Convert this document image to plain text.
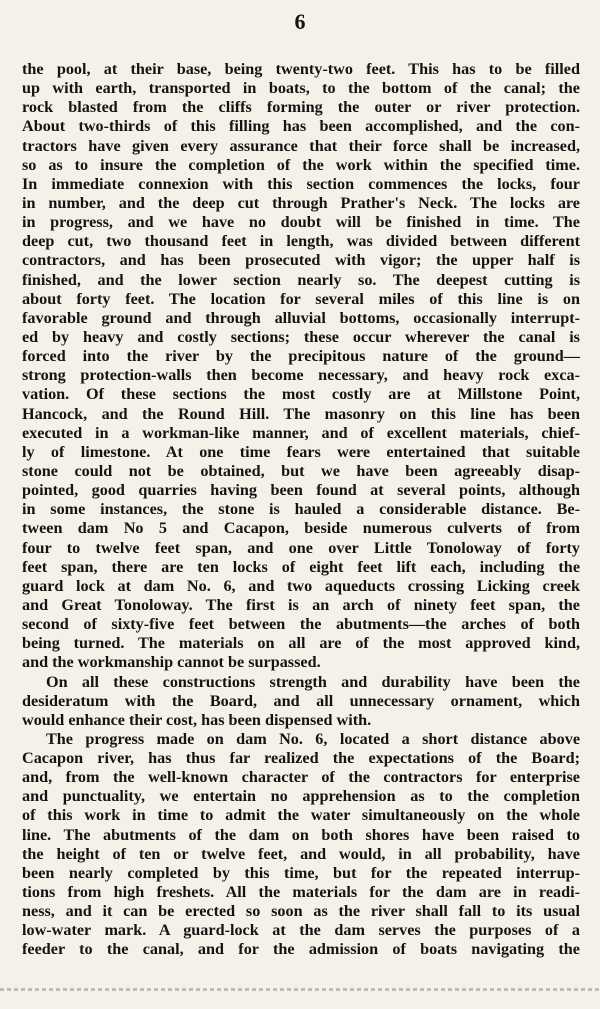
6
the pool, at their base, being twenty-two feet. This has to be filled
up with earth, transported in boats, to the bottom of the canal; the
rock blasted from the cliffs forming the outer or river protection.
About two-thirds of this filling has been accomplished, and the con-
tractors have given every assurance that their force shall be increased,
so as to insure the completion of the work within the specified time.
In immediate connexion with this section commences the locks, four
in number, and the deep cut through Prather's Neck. The locks are
in progress, and we have no doubt will be finished in time. The
deep cut, two thousand feet in length, was divided between different
contractors, and has been prosecuted with vigor; the upper half is
finished, and the lower section nearly so. The deepest cutting is
about forty feet. The location for several miles of this line is on
favorable ground and through alluvial bottoms, occasionally interrupt-
ed by heavy and costly sections; these occur wherever the canal is
forced into the river by the precipitous nature of the ground—
strong protection-walls then become necessary, and heavy rock exca-
vation. Of these sections the most costly are at Millstone Point,
Hancock, and the Round Hill. The masonry on this line has been
executed in a workman-like manner, and of excellent materials, chief-
ly of limestone. At one time fears were entertained that suitable
stone could not be obtained, but we have been agreeably disap-
pointed, good quarries having been found at several points, although
in some instances, the stone is hauled a considerable distance. Be-
tween dam No 5 and Cacapon, beside numerous culverts of from
four to twelve feet span, and one over Little Tonoloway of forty
feet span, there are ten locks of eight feet lift each, including the
guard lock at dam No. 6, and two aqueducts crossing Licking creek
and Great Tonoloway. The first is an arch of ninety feet span, the
second of sixty-five feet between the abutments—the arches of both
being turned. The materials on all are of the most approved kind,
and the workmanship cannot be surpassed.
On all these constructions strength and durability have been the
desideratum with the Board, and all unnecessary ornament, which
would enhance their cost, has been dispensed with.
The progress made on dam No. 6, located a short distance above
Cacapon river, has thus far realized the expectations of the Board;
and, from the well-known character of the contractors for enterprise
and punctuality, we entertain no apprehension as to the completion
of this work in time to admit the water simultaneously on the whole
line. The abutments of the dam on both shores have been raised to
the height of ten or twelve feet, and would, in all probability, have
been nearly completed by this time, but for the repeated interrup-
tions from high freshets. All the materials for the dam are in readi-
ness, and it can be erected so soon as the river shall fall to its usual
low-water mark. A guard-lock at the dam serves the purposes of a
feeder to the canal, and for the admission of boats navigating the
